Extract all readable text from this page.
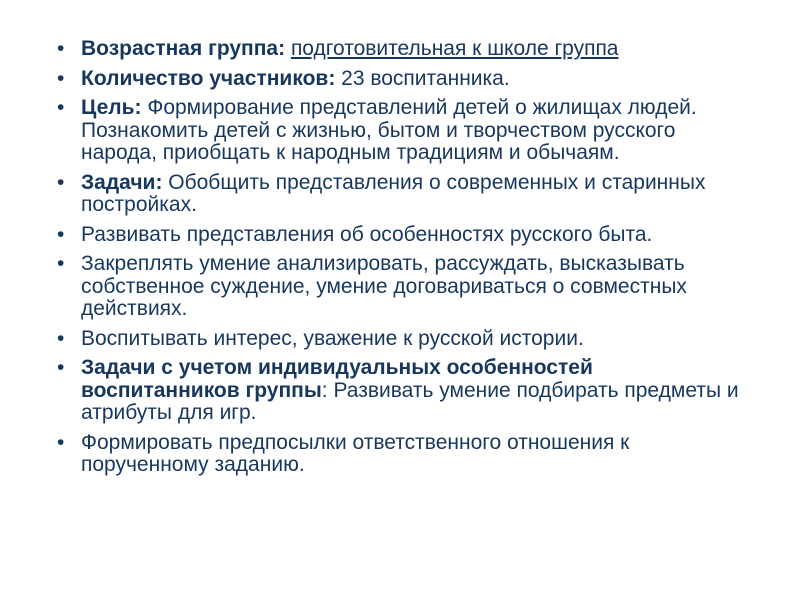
• Возрастная группа: подготовительная к школе группа
• Количество участников: 23 воспитанника.
• Цель: Формирование представлений детей о жилищах людей. Познакомить детей с жизнью, бытом и творчеством русского народа, приобщать к народным традициям и обычаям.
• Задачи: Обобщить представления о современных и старинных постройках.
• Развивать представления об особенностях русского быта.
• Закреплять умение анализировать, рассуждать, высказывать собственное суждение, умение договариваться о совместных действиях.
• Воспитывать интерес, уважение к русской истории.
• Задачи с учетом индивидуальных особенностей воспитанников группы: Развивать умение подбирать предметы и атрибуты для игр.
• Формировать предпосылки ответственного отношения к порученному заданию.
